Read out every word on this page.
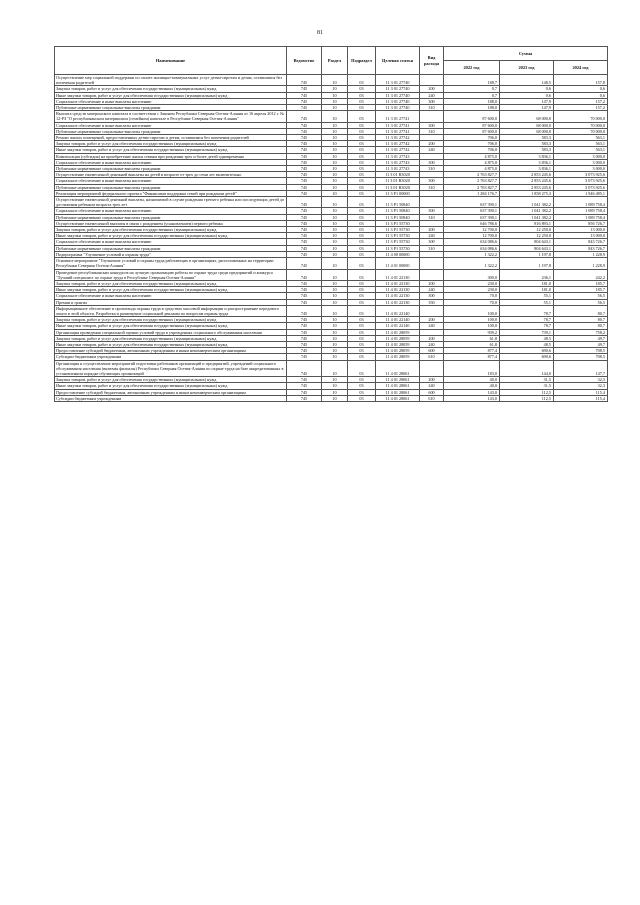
81
Наименование	Ведомство	Раздел	Подраздел	Целевая статья	Вид расхода	Сумма		
						2022 год	2023 год	2024 год
Осуществление мер социальной поддержки по оплате жилищно-коммунальных услуг детям-сиротам и детям, оставшимся без попечения родителей	745	10	03	11 3 01 27740		188,7	148,5	157,8
Закупка товаров, работ и услуг для обеспечения государственных (муниципальных) нужд	745	10	03	11 3 01 27740	200	0,7	0,6	0,6
Иные закупки товаров, работ и услуг для обеспечения государственных (муниципальных) нужд	745	10	03	11 3 01 27740	240	0,7	0,6	0,6
Социальное обеспечение и иные выплаты населению	745	10	03	11 3 01 27740	300	188,0	147,9	157,2
Публичные нормативные социальные выплаты гражданам	745	10	03	11 3 01 27740	310	188,0	147,9	157,2
Выплата средств материнского капитала в соответствии с Законом Республики Северная Осетия-Алания от 16 апреля 2012 г. № 12-РЗ "О республиканском материнском (семейном) капитале в Республике Северная Осетия-Алания"	745	10	03	11 3 01 27741		87 600,0	68 000,0	70 000,0
Социальное обеспечение и иные выплаты населению	745	10	03	11 3 01 27741	300	87 600,0	68 000,0	70 000,0
Публичные нормативные социальные выплаты гражданам	745	10	03	11 3 01 27741	310	87 600,0	68 000,0	70 000,0
Ремонт жилых помещений, предоставленных детям-сиротам и детям, оставшимся без попечения родителей	745	10	03	11 3 01 27742		706,0	583,3	563,1
Закупка товаров, работ и услуг для обеспечения государственных (муниципальных) нужд	745	10	03	11 3 01 27742	200	706,0	583,3	563,1
Иные закупки товаров, работ и услуг для обеспечения государственных (муниципальных) нужд	745	10	03	11 3 01 27742	240	706,0	583,3	563,1
Компенсация (субсидия) на приобретение жилья семьям при рождении трех и более детей одновременно	745	10	03	11 3 01 27743		4 875,0	3 836,1	3 000,0
Социальное обеспечение и иные выплаты населению	745	10	03	11 3 01 27743	300	4 875,0	3 836,1	3 000,0
Публичные нормативные социальные выплаты гражданам	745	10	03	11 3 01 27743	310	4 875,0	3 836,1	3 000,0
Осуществление ежемесячной денежной выплаты на детей в возрасте от трех до семи лет включительно	745	10	03	11 3 01 R3020		2 763 827,7	2 853 245,6	3 073 925,6
Социальное обеспечение и иные выплаты населению	745	10	03	11 3 01 R3020	300	2 763 827,7	2 853 245,6	3 073 925,6
Публичные нормативные социальные выплаты гражданам	745	10	03	11 3 01 R3020	310	2 763 827,7	2 853 245,6	3 073 925,6
Реализация мероприятий федерального проекта "Финансовая поддержка семей при рождении детей"	745	10	03	11 3 P1 00000		1 284 176,7	1 858 275,3	1 946 485,1
Осуществление ежемесячной денежной выплаты, назначаемой в случае рождения третьего ребенка или последующих детей до достижения ребенком возраста трех лет	745	10	03	11 3 P1 50840		637 390,1	1 041 382,2	1 089 758,4
Социальное обеспечение и иные выплаты населению	745	10	03	11 3 P1 50840	300	637 390,1	1 041 382,2	1 089 758,4
Публичные нормативные социальные выплаты гражданам	745	10	03	11 3 P1 50840	310	637 390,1	1 041 382,2	1 089 758,4
Осуществление ежемесячной выплаты в связи с рождением (усыновлением) первого ребенка	745	10	03	11 3 P1 55730		646 786,6	816 893,1	856 726,7
Закупка товаров, работ и услуг для обеспечения государственных (муниципальных) нужд	745	10	03	11 3 P1 55730	200	12 700,0	12 250,0	13 000,0
Иные закупки товаров, работ и услуг для обеспечения государственных (муниципальных) нужд	745	10	03	11 3 P1 55730	240	12 700,0	12 250,0	13 000,0
Социальное обеспечение и иные выплаты населению	745	10	03	11 3 P1 55730	300	634 086,6	804 643,1	843 726,7
Публичные нормативные социальные выплаты гражданам	745	10	03	11 3 P1 55730	310	634 086,6	804 643,1	843 726,7
Подпрограмма "Улучшение условий и охраны труда"	745	10	03	11 4 00 00000		1 322,2	1 197,8	1 228,9
Основное мероприятие "Улучшение условий и охраны труда работающих в организациях, расположенных на территории Республики Северная Осетия-Алания"	745	10	03	11 4 01 00000		1 322,2	1 197,8	1 228,9
Проведение республиканских конкурсов на лучшую организацию работы по охране труда среди предприятий и конкурса "Лучший специалист по охране труда в Республике Северная Осетия-Алания"	745	10	03	11 4 01 22130		300,0	236,1	242,2
Закупка товаров, работ и услуг для обеспечения государственных (муниципальных) нужд	745	10	03	11 4 01 22130	200	230,0	181,0	185,7
Иные закупки товаров, работ и услуг для обеспечения государственных (муниципальных) нужд	745	10	03	11 4 01 22130	240	230,0	181,0	185,7
Социальное обеспечение и иные выплаты населению	745	10	03	11 4 01 22130	300	70,0	55,1	56,5
Премии и гранты	745	10	03	11 4 01 22130	350	70,0	55,1	56,5
Информационное обеспечение и пропаганда охраны труда в средствах массовой информации и распространение передового опыта в этой области. Разработка и размещение социальной рекламы по вопросам охраны труда	745	10	03	11 4 01 22140		100,0	78,7	80,7
Закупка товаров, работ и услуг для обеспечения государственных (муниципальных) нужд	745	10	03	11 4 01 22140	200	100,0	78,7	80,7
Иные закупки товаров, работ и услуг для обеспечения государственных (муниципальных) нужд	745	10	03	11 4 01 22140	240	100,0	78,7	80,7
Организация проведения специальной оценки условий труда в учреждениях социального обслуживания населения	745	10	03	11 4 01 28059		939,2	739,1	758,2
Закупка товаров, работ и услуг для обеспечения государственных (муниципальных) нужд	745	10	03	11 4 01 28059	200	61,8	48,5	49,7
Иные закупки товаров, работ и услуг для обеспечения государственных (муниципальных) нужд	745	10	03	11 4 01 28059	240	61,8	48,5	49,7
Предоставление субсидий бюджетным, автономным учреждениям и иным некоммерческим организациям	745	10	03	11 4 01 28059	600	877,4	690,6	708,5
Субсидии бюджетным учреждениям	745	10	03	11 4 01 28059	610	877,4	690,6	708,5
Организация и осуществление мероприятий подготовки работников организаций и предприятий, учреждений социального обслуживания населения (включая филиалы) Республики Северная Осетия-Алания по охране труда на базе аккредитованных в установленном порядке обучающих организаций	745	10	03	11 4 01 28061		183,0	144,0	147,7
Закупка товаров, работ и услуг для обеспечения государственных (муниципальных) нужд	745	10	03	11 4 01 28061	200	40,0	31,5	32,3
Иные закупки товаров, работ и услуг для обеспечения государственных (муниципальных) нужд	745	10	03	11 4 01 28061	240	40,0	31,5	32,3
Предоставление субсидий бюджетным, автономным учреждениям и иным некоммерческим организациям	745	10	03	11 4 01 28061	600	143,0	112,5	115,4
Субсидии бюджетным учреждениям	745	10	03	11 4 01 28061	610	143,0	112,5	115,4
